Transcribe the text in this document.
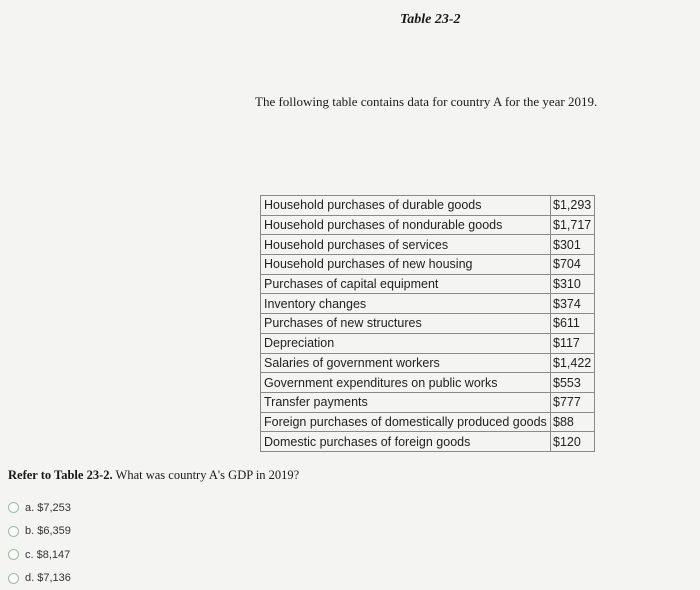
Table 23-2
The following table contains data for country A for the year 2019.
Household purchases of durable goods	$1,293
Household purchases of nondurable goods	$1,717
Household purchases of services	$301
Household purchases of new housing	$704
Purchases of capital equipment	$310
Inventory changes	$374
Purchases of new structures	$611
Depreciation	$117
Salaries of government workers	$1,422
Government expenditures on public works	$553
Transfer payments	$777
Foreign purchases of domestically produced goods	$88
Domestic purchases of foreign goods	$120
Refer to Table 23-2. What was country A's GDP in 2019?
a. $7,253
b. $6,359
c. $8,147
d. $7,136
